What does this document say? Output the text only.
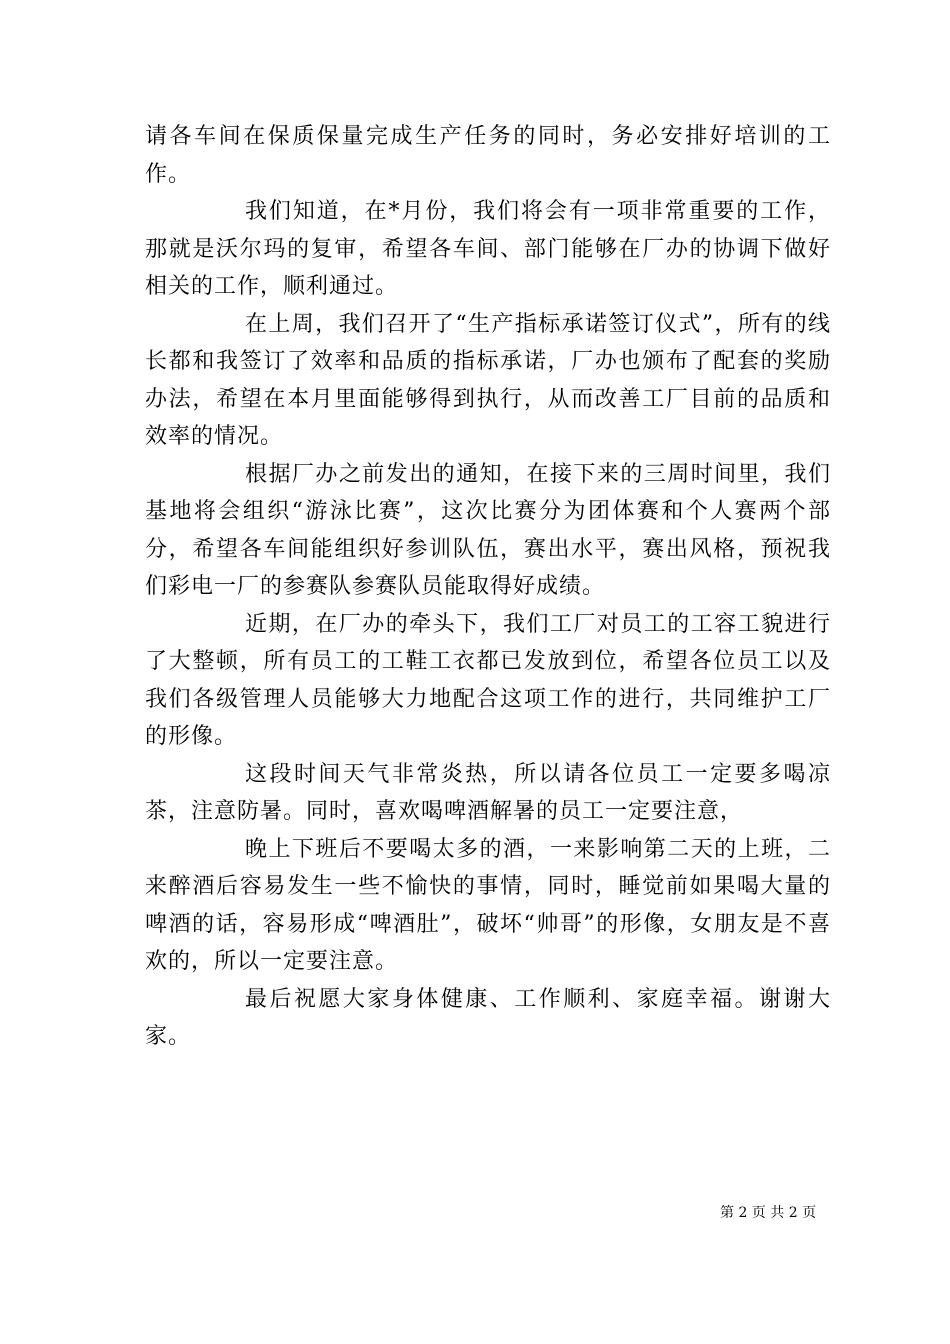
请各车间在保质保量完成生产任务的同时，务必安排好培训的工作。

我们知道，在*月份，我们将会有一项非常重要的工作，那就是沃尔玛的复审，希望各车间、部门能够在厂办的协调下做好相关的工作，顺利通过。

在上周，我们召开了“生产指标承诺签订仪式”，所有的线长都和我签订了效率和品质的指标承诺，厂办也颁布了配套的奖励办法，希望在本月里面能够得到执行，从而改善工厂目前的品质和效率的情况。

根据厂办之前发出的通知，在接下来的三周时间里，我们基地将会组织“游泳比赛”，这次比赛分为团体赛和个人赛两个部分，希望各车间能组织好参训队伍，赛出水平，赛出风格，预祝我们彩电一厂的参赛队参赛队员能取得好成绩。

近期，在厂办的牵头下，我们工厂对员工的工容工貌进行了大整顿，所有员工的工鞋工衣都已发放到位，希望各位员工以及我们各级管理人员能够大力地配合这项工作的进行，共同维护工厂的形像。

这段时间天气非常炎热，所以请各位员工一定要多喝凉茶，注意防暑。同时，喜欢喝啤酒解暑的员工一定要注意，

晚上下班后不要喝太多的酒，一来影响第二天的上班，二来醉酒后容易发生一些不愉快的事情，同时，睡觉前如果喝大量的啤酒的话，容易形成“啤酒肚”，破坏“帅哥”的形像，女朋友是不喜欢的，所以一定要注意。

最后祝愿大家身体健康、工作顺利、家庭幸福。谢谢大家。

第 2 页 共 2 页
